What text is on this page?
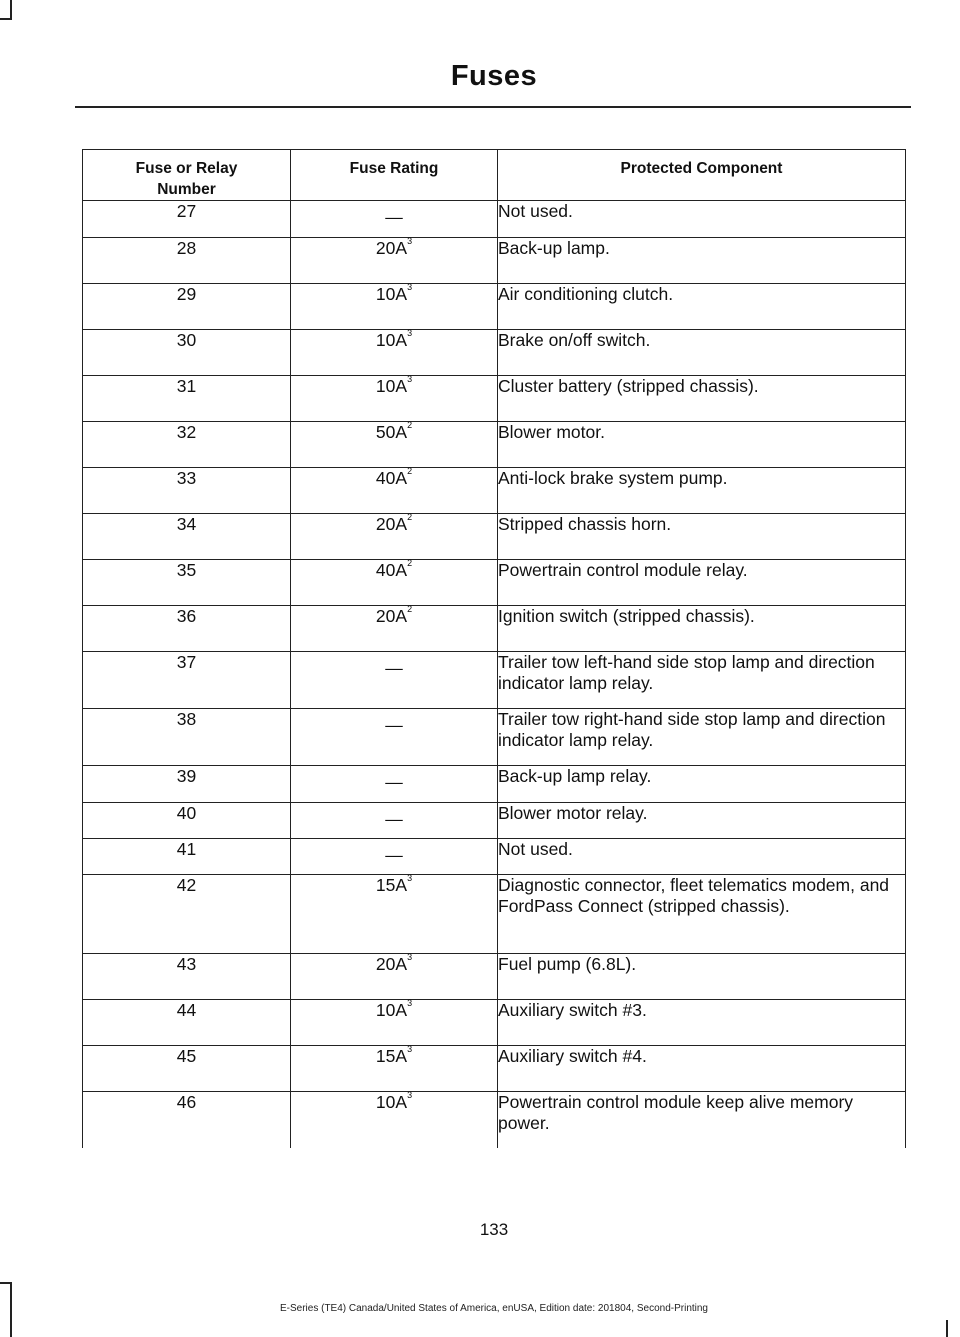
Fuses
Fuse or Relay Number	Fuse Rating	Protected Component
27	—	Not used.
28	$20A^3$	Back-up lamp.
29	$10A^3$	Air conditioning clutch.
30	$10A^3$	Brake on/off switch.
31	$10A^3$	Cluster battery (stripped chassis).
32	$50A^2$	Blower motor.
33	$40A^2$	Anti-lock brake system pump.
34	$20A^2$	Stripped chassis horn.
35	$40A^2$	Powertrain control module relay.
36	$20A^2$	Ignition switch (stripped chassis).
37	—	Trailer tow left-hand side stop lamp and direction indicator lamp relay.
38	—	Trailer tow right-hand side stop lamp and direction indicator lamp relay.
39	—	Back-up lamp relay.
40	—	Blower motor relay.
41	—	Not used.
42	$15A^3$	Diagnostic connector, fleet telematics modem, and FordPass Connect (stripped chassis).
43	$20A^3$	Fuel pump (6.8L).
44	$10A^3$	Auxiliary switch #3.
45	$15A^3$	Auxiliary switch #4.
46	$10A^3$	Powertrain control module keep alive memory power.
133
E-Series (TE4) Canada/United States of America, enUSA, Edition date: 201804, Second-Printing
